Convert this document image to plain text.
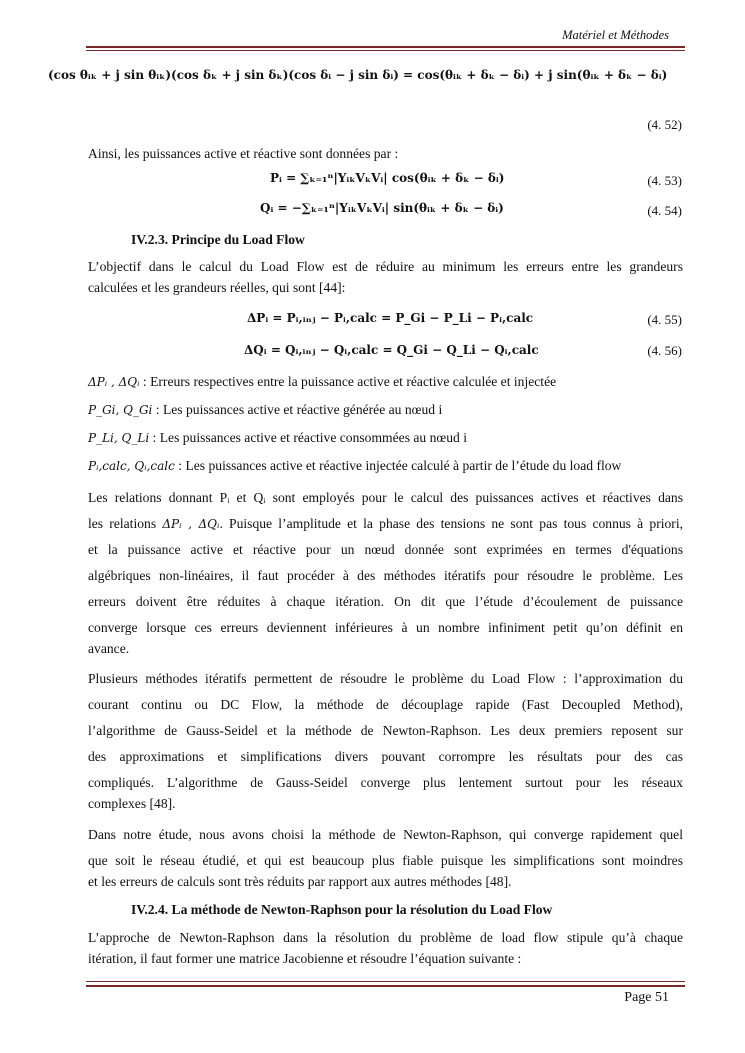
Matériel et Méthodes
(cos θᵢₖ + j sin θᵢₖ)(cos δₖ + j sin δₖ)(cos δᵢ − j sin δᵢ) = cos(θᵢₖ + δₖ − δᵢ) + j sin(θᵢₖ + δₖ − δᵢ)
(4. 52)
Ainsi, les puissances active et réactive sont données par :
Pᵢ = ∑ₖ₌₁ⁿ|YᵢₖVₖVᵢ| cos(θᵢₖ + δₖ − δᵢ)	(4. 53)
Qᵢ = −∑ₖ₌₁ⁿ|YᵢₖVₖVᵢ| sin(θᵢₖ + δₖ − δᵢ)	(4. 54)
IV.2.3. Principe du Load Flow
L’objectif dans le calcul du Load Flow est de réduire au minimum les erreurs entre les grandeurs
calculées et les grandeurs réelles, qui sont [44]:
ΔPᵢ = Pᵢ,ᵢₙⱼ − Pᵢ,calc = P_Gi − P_Li − Pᵢ,calc	(4. 55)
ΔQᵢ = Qᵢ,ᵢₙⱼ − Qᵢ,calc = Q_Gi − Q_Li − Qᵢ,calc	(4. 56)
ΔPᵢ , ΔQᵢ : Erreurs respectives entre la puissance active et réactive calculée et injectée
P_Gi, Q_Gi : Les puissances active et réactive générée au nœud i
P_Li, Q_Li : Les puissances active et réactive consommées au nœud i
Pᵢ,calc, Qᵢ,calc : Les puissances active et réactive injectée calculé à partir de l’étude du load flow
Les relations donnant Pᵢ et Qᵢ sont employés pour le calcul des puissances actives et réactives dans
les relations ΔPᵢ , ΔQᵢ. Puisque l’amplitude et la phase des tensions ne sont pas tous connus à priori,
et la puissance active et réactive pour un nœud donnée sont exprimées en termes d'équations
algébriques non-linéaires, il faut procéder à des méthodes itératifs pour résoudre le problème. Les
erreurs doivent être réduites à chaque itération. On dit que l’étude d’écoulement de puissance
converge lorsque ces erreurs deviennent inférieures à un nombre infiniment petit qu’on définit en
avance.
Plusieurs méthodes itératifs permettent de résoudre le problème du Load Flow : l’approximation du
courant continu ou DC Flow, la méthode de découplage rapide (Fast Decoupled Method),
l’algorithme de Gauss-Seidel et la méthode de Newton-Raphson. Les deux premiers reposent sur
des approximations et simplifications divers pouvant corrompre les résultats pour des cas
compliqués. L’algorithme de Gauss-Seidel converge plus lentement surtout pour les réseaux
complexes [48].
Dans notre étude, nous avons choisi la méthode de Newton-Raphson, qui converge rapidement quel
que soit le réseau étudié, et qui est beaucoup plus fiable puisque les simplifications sont moindres
et les erreurs de calculs sont très réduits par rapport aux autres méthodes [48].
IV.2.4. La méthode de Newton-Raphson pour la résolution du Load Flow
L’approche de Newton-Raphson dans la résolution du problème de load flow stipule qu’à chaque
itération, il faut former une matrice Jacobienne et résoudre l’équation suivante :
Page 51
